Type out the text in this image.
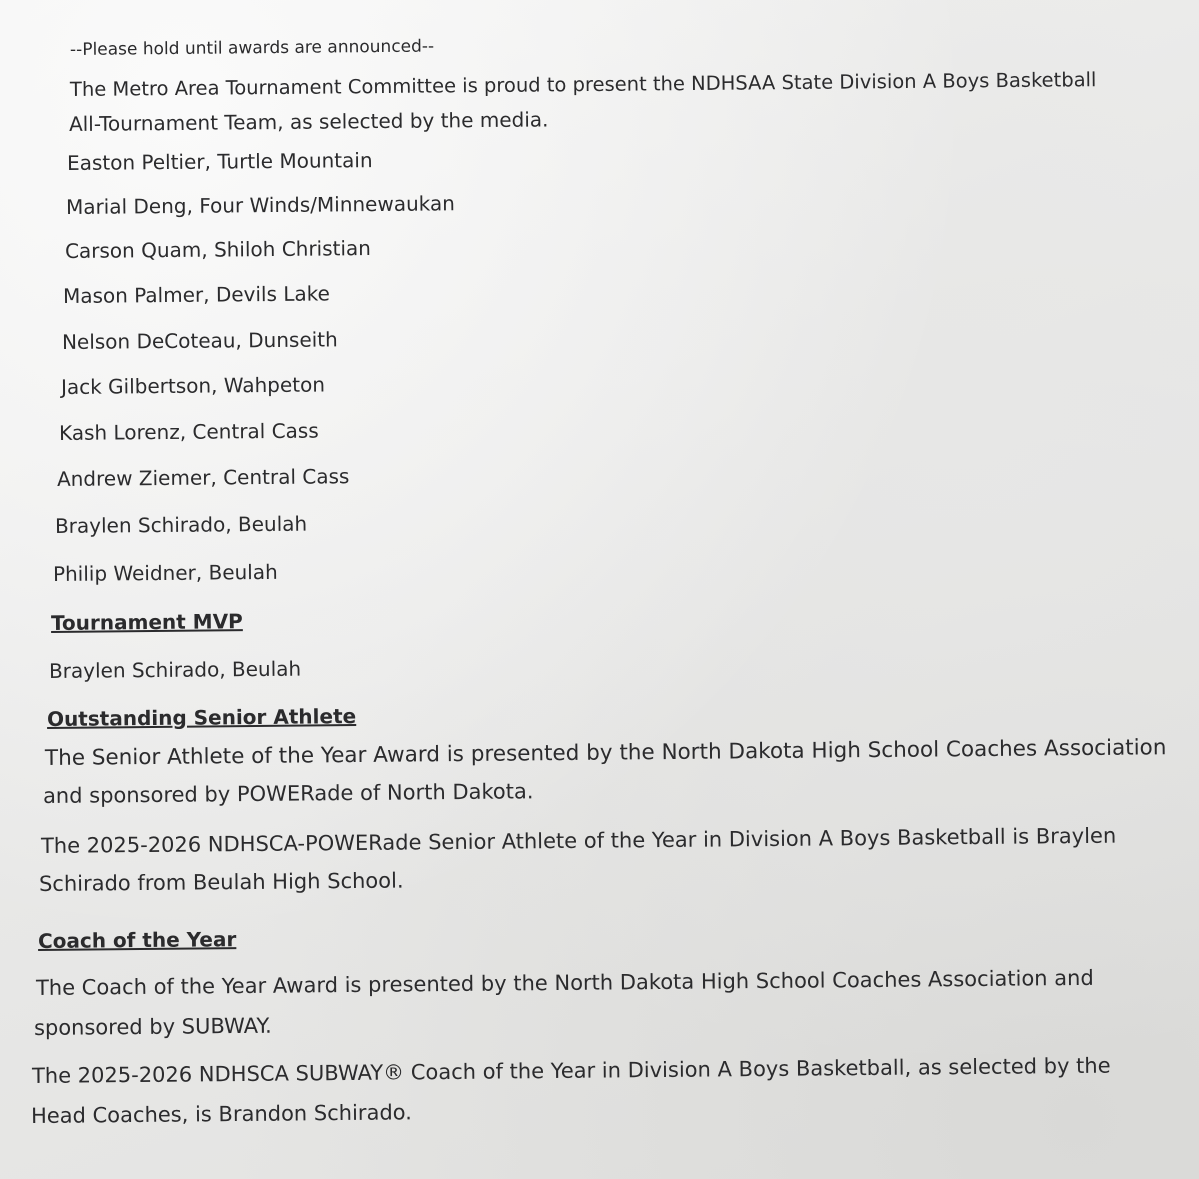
--Please hold until awards are announced--

The Metro Area Tournament Committee is proud to present the NDHSAA State Division A Boys Basketball

All-Tournament Team, as selected by the media.

Easton Peltier, Turtle Mountain

Marial Deng, Four Winds/Minnewaukan

Carson Quam, Shiloh Christian

Mason Palmer, Devils Lake

Nelson DeCoteau, Dunseith

Jack Gilbertson, Wahpeton

Kash Lorenz, Central Cass

Andrew Ziemer, Central Cass

Braylen Schirado, Beulah

Philip Weidner, Beulah

Tournament MVP

Braylen Schirado, Beulah

Outstanding Senior Athlete

The Senior Athlete of the Year Award is presented by the North Dakota High School Coaches Association

and sponsored by POWERade of North Dakota.

The 2025-2026 NDHSCA-POWERade Senior Athlete of the Year in Division A Boys Basketball is Braylen

Schirado from Beulah High School.

Coach of the Year

The Coach of the Year Award is presented by the North Dakota High School Coaches Association and

sponsored by SUBWAY.

The 2025-2026 NDHSCA SUBWAY® Coach of the Year in Division A Boys Basketball, as selected by the

Head Coaches, is Brandon Schirado.
